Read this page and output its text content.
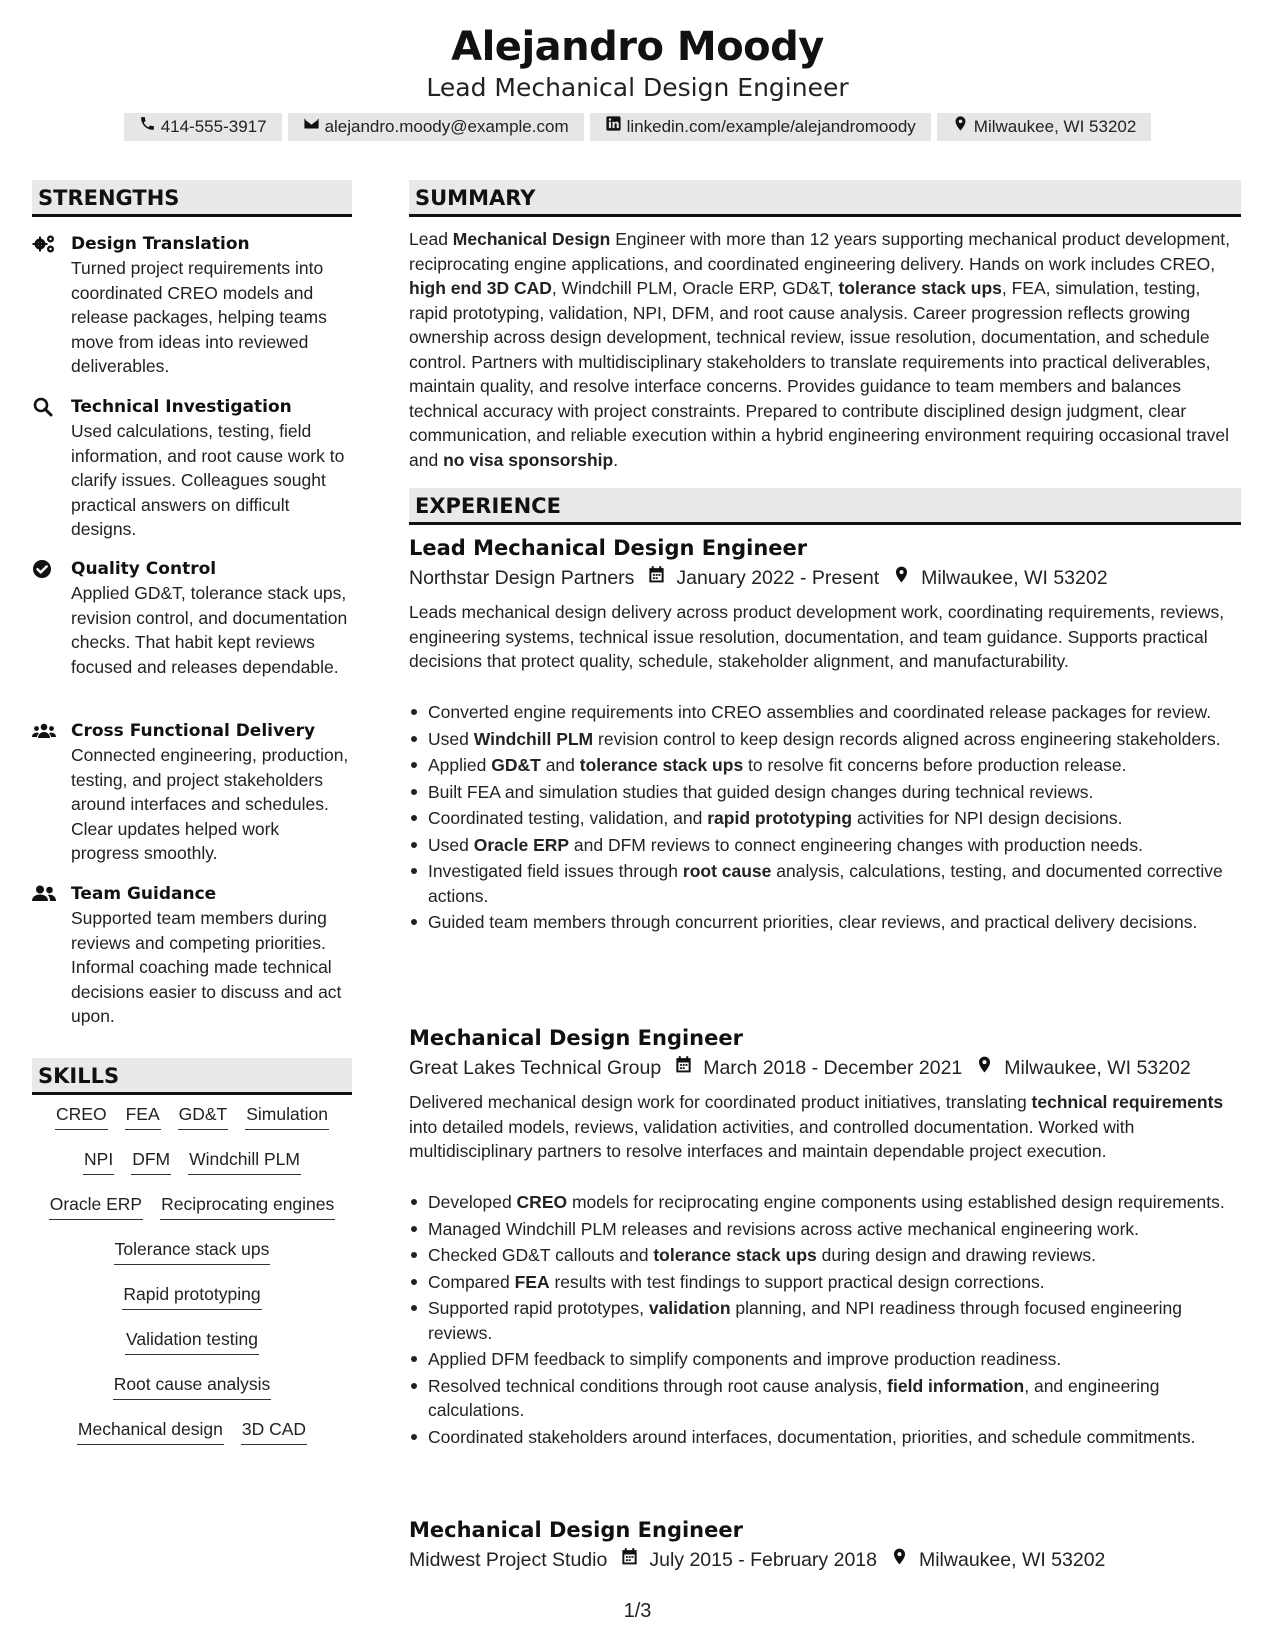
Alejandro Moody
Lead Mechanical Design Engineer
414-555-3917	alejandro.moody@example.com	linkedin.com/example/alejandromoody	Milwaukee, WI 53202
STRENGTHS
Design Translation
Turned project requirements into coordinated CREO models and release packages, helping teams move from ideas into reviewed deliverables.
Technical Investigation
Used calculations, testing, field information, and root cause work to clarify issues. Colleagues sought practical answers on difficult designs.
Quality Control
Applied GD&T, tolerance stack ups, revision control, and documentation checks. That habit kept reviews focused and releases dependable.
Cross Functional Delivery
Connected engineering, production, testing, and project stakeholders around interfaces and schedules. Clear updates helped work progress smoothly.
Team Guidance
Supported team members during reviews and competing priorities. Informal coaching made technical decisions easier to discuss and act upon.
SKILLS
CREO FEA GD&T Simulation
NPI DFM Windchill PLM
Oracle ERP Reciprocating engines
Tolerance stack ups
Rapid prototyping
Validation testing
Root cause analysis
Mechanical design 3D CAD
SUMMARY
Lead Mechanical Design Engineer with more than 12 years supporting mechanical product development, reciprocating engine applications, and coordinated engineering delivery. Hands on work includes CREO, high end 3D CAD, Windchill PLM, Oracle ERP, GD&T, tolerance stack ups, FEA, simulation, testing, rapid prototyping, validation, NPI, DFM, and root cause analysis. Career progression reflects growing ownership across design development, technical review, issue resolution, documentation, and schedule control. Partners with multidisciplinary stakeholders to translate requirements into practical deliverables, maintain quality, and resolve interface concerns. Provides guidance to team members and balances technical accuracy with project constraints. Prepared to contribute disciplined design judgment, clear communication, and reliable execution within a hybrid engineering environment requiring occasional travel and no visa sponsorship.
EXPERIENCE
Lead Mechanical Design Engineer
Northstar Design Partners January 2022 - Present Milwaukee, WI 53202
Leads mechanical design delivery across product development work, coordinating requirements, reviews, engineering systems, technical issue resolution, documentation, and team guidance. Supports practical decisions that protect quality, schedule, stakeholder alignment, and manufacturability.
Converted engine requirements into CREO assemblies and coordinated release packages for review.
Used Windchill PLM revision control to keep design records aligned across engineering stakeholders.
Applied GD&T and tolerance stack ups to resolve fit concerns before production release.
Built FEA and simulation studies that guided design changes during technical reviews.
Coordinated testing, validation, and rapid prototyping activities for NPI design decisions.
Used Oracle ERP and DFM reviews to connect engineering changes with production needs.
Investigated field issues through root cause analysis, calculations, testing, and documented corrective actions.
Guided team members through concurrent priorities, clear reviews, and practical delivery decisions.
Mechanical Design Engineer
Great Lakes Technical Group March 2018 - December 2021 Milwaukee, WI 53202
Delivered mechanical design work for coordinated product initiatives, translating technical requirements into detailed models, reviews, validation activities, and controlled documentation. Worked with multidisciplinary partners to resolve interfaces and maintain dependable project execution.
Developed CREO models for reciprocating engine components using established design requirements.
Managed Windchill PLM releases and revisions across active mechanical engineering work.
Checked GD&T callouts and tolerance stack ups during design and drawing reviews.
Compared FEA results with test findings to support practical design corrections.
Supported rapid prototypes, validation planning, and NPI readiness through focused engineering reviews.
Applied DFM feedback to simplify components and improve production readiness.
Resolved technical conditions through root cause analysis, field information, and engineering calculations.
Coordinated stakeholders around interfaces, documentation, priorities, and schedule commitments.
Mechanical Design Engineer
Midwest Project Studio July 2015 - February 2018 Milwaukee, WI 53202
1/3
